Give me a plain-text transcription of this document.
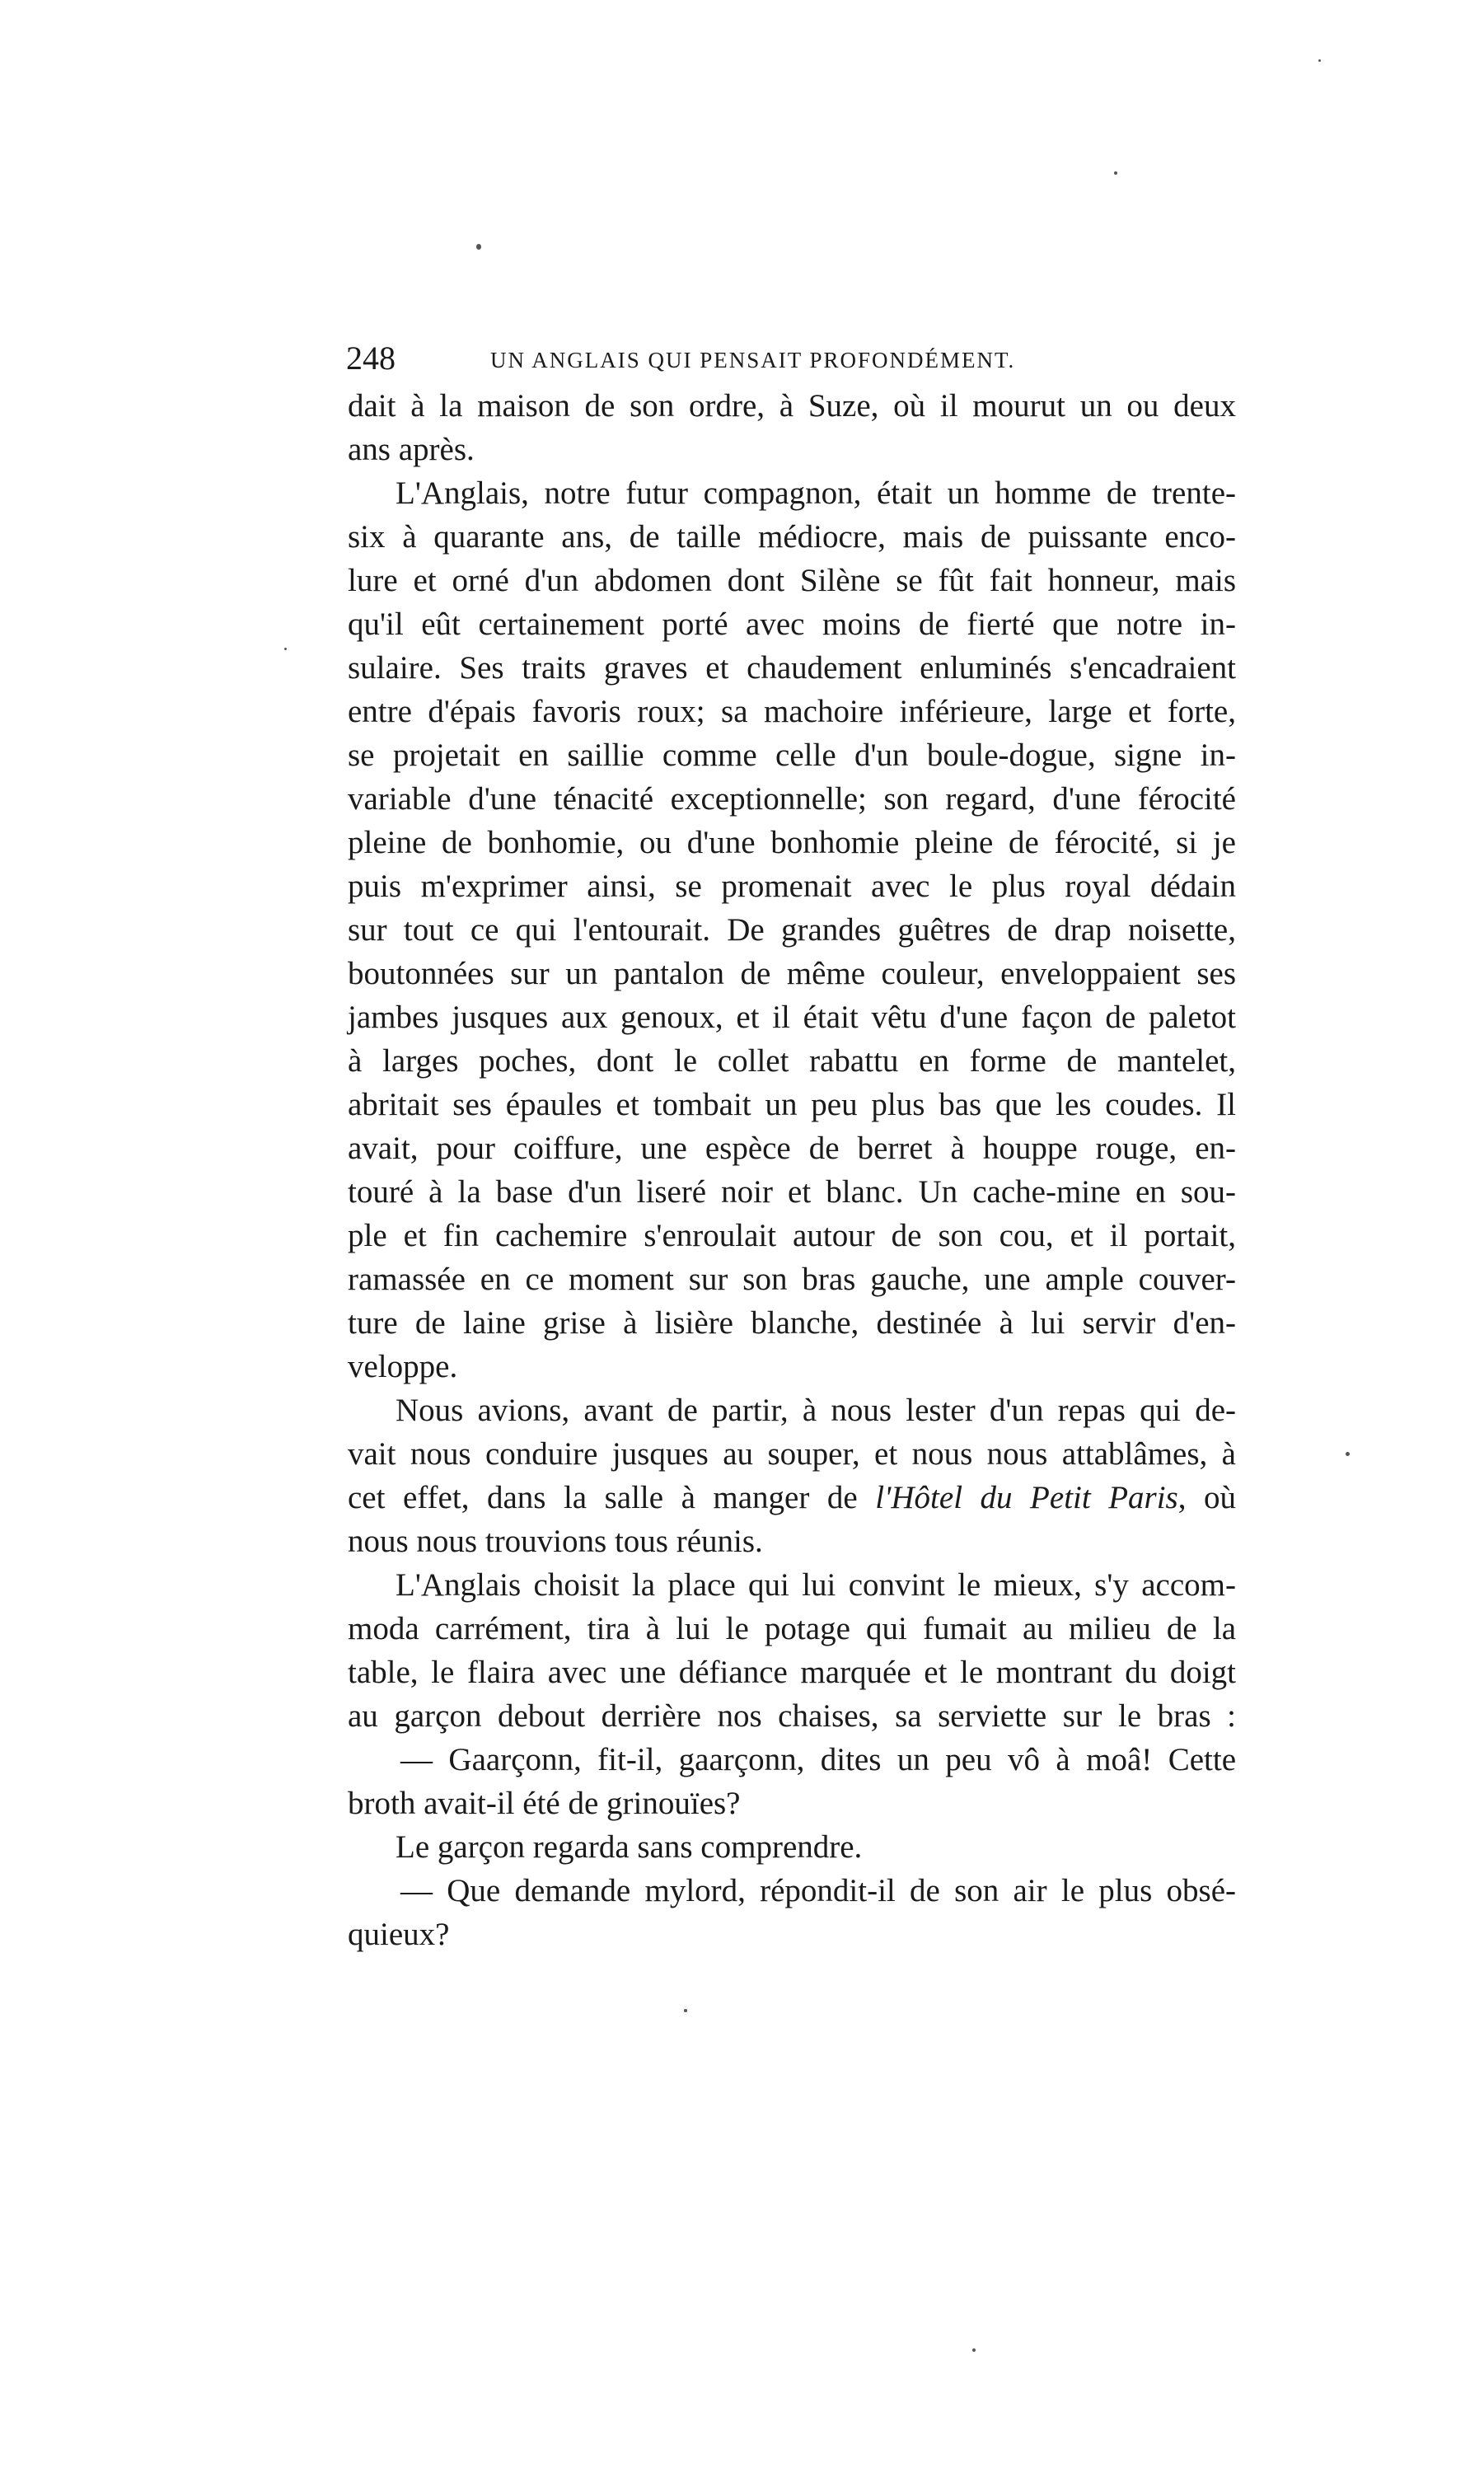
248	UN ANGLAIS QUI PENSAIT PROFONDÉMENT.
dait à la maison de son ordre, à Suze, où il mourut un ou deux
ans après.
L'Anglais, notre futur compagnon, était un homme de trente-
six à quarante ans, de taille médiocre, mais de puissante enco-
lure et orné d'un abdomen dont Silène se fût fait honneur, mais
qu'il eût certainement porté avec moins de fierté que notre in-
sulaire. Ses traits graves et chaudement enluminés s'encadraient
entre d'épais favoris roux; sa machoire inférieure, large et forte,
se projetait en saillie comme celle d'un boule-dogue, signe in-
variable d'une ténacité exceptionnelle; son regard, d'une férocité
pleine de bonhomie, ou d'une bonhomie pleine de férocité, si je
puis m'exprimer ainsi, se promenait avec le plus royal dédain
sur tout ce qui l'entourait. De grandes guêtres de drap noisette,
boutonnées sur un pantalon de même couleur, enveloppaient ses
jambes jusques aux genoux, et il était vêtu d'une façon de paletot
à larges poches, dont le collet rabattu en forme de mantelet,
abritait ses épaules et tombait un peu plus bas que les coudes. Il
avait, pour coiffure, une espèce de berret à houppe rouge, en-
touré à la base d'un liseré noir et blanc. Un cache-mine en sou-
ple et fin cachemire s'enroulait autour de son cou, et il portait,
ramassée en ce moment sur son bras gauche, une ample couver-
ture de laine grise à lisière blanche, destinée à lui servir d'en-
veloppe.
Nous avions, avant de partir, à nous lester d'un repas qui de-
vait nous conduire jusques au souper, et nous nous attablâmes, à
cet effet, dans la salle à manger de l'Hôtel du Petit Paris, où
nous nous trouvions tous réunis.
L'Anglais choisit la place qui lui convint le mieux, s'y accom-
moda carrément, tira à lui le potage qui fumait au milieu de la
table, le flaira avec une défiance marquée et le montrant du doigt
au garçon debout derrière nos chaises, sa serviette sur le bras :
— Gaarçonn, fit-il, gaarçonn, dites un peu vô à moâ! Cette
broth avait-il été de grinouïes?
Le garçon regarda sans comprendre.
— Que demande mylord, répondit-il de son air le plus obsé-
quieux?
